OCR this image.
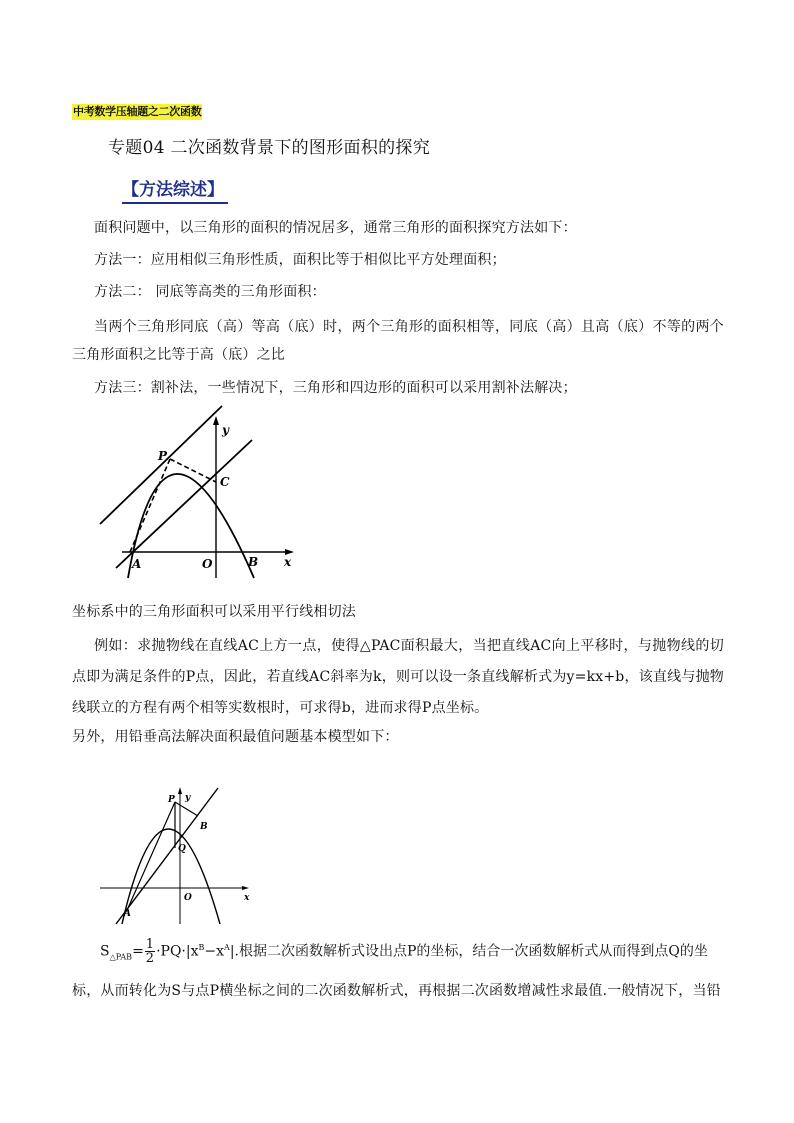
中考数学压轴题之二次函数
专题04 二次函数背景下的图形面积的探究
【方法综述】
面积问题中，以三角形的面积的情况居多，通常三角形的面积探究方法如下：
方法一：应用相似三角形性质，面积比等于相似比平方处理面积；
方法二： 同底等高类的三角形面积：
当两个三角形同底（高）等高（底）时，两个三角形的面积相等，同底（高）且高（底）不等的两个三角形面积之比等于高（底）之比
方法三：割补法，一些情况下，三角形和四边形的面积可以采用割补法解决；
y
x
P
C
A	O	B
坐标系中的三角形面积可以采用平行线相切法
例如：求抛物线在直线AC上方一点，使得△PAC面积最大，当把直线AC向上平移时，与抛物线的切点即为满足条件的P点，因此，若直线AC斜率为k，则可以设一条直线解析式为y=kx+b，该直线与抛物线联立的方程有两个相等实数根时，可求得b，进而求得P点坐标。
另外，用铅垂高法解决面积最值问题基本模型如下：
y
x
P
B
Q
A
O
$S_{\triangle PAB}= \frac{1}{2} \cdot PQ\cdot|x^B-x^A|$.根据二次函数解析式设出点P的坐标，结合一次函数解析式从而得到点Q的坐
标，从而转化为S与点P横坐标之间的二次函数解析式，再根据二次函数增减性求最值.一般情况下，当铅
